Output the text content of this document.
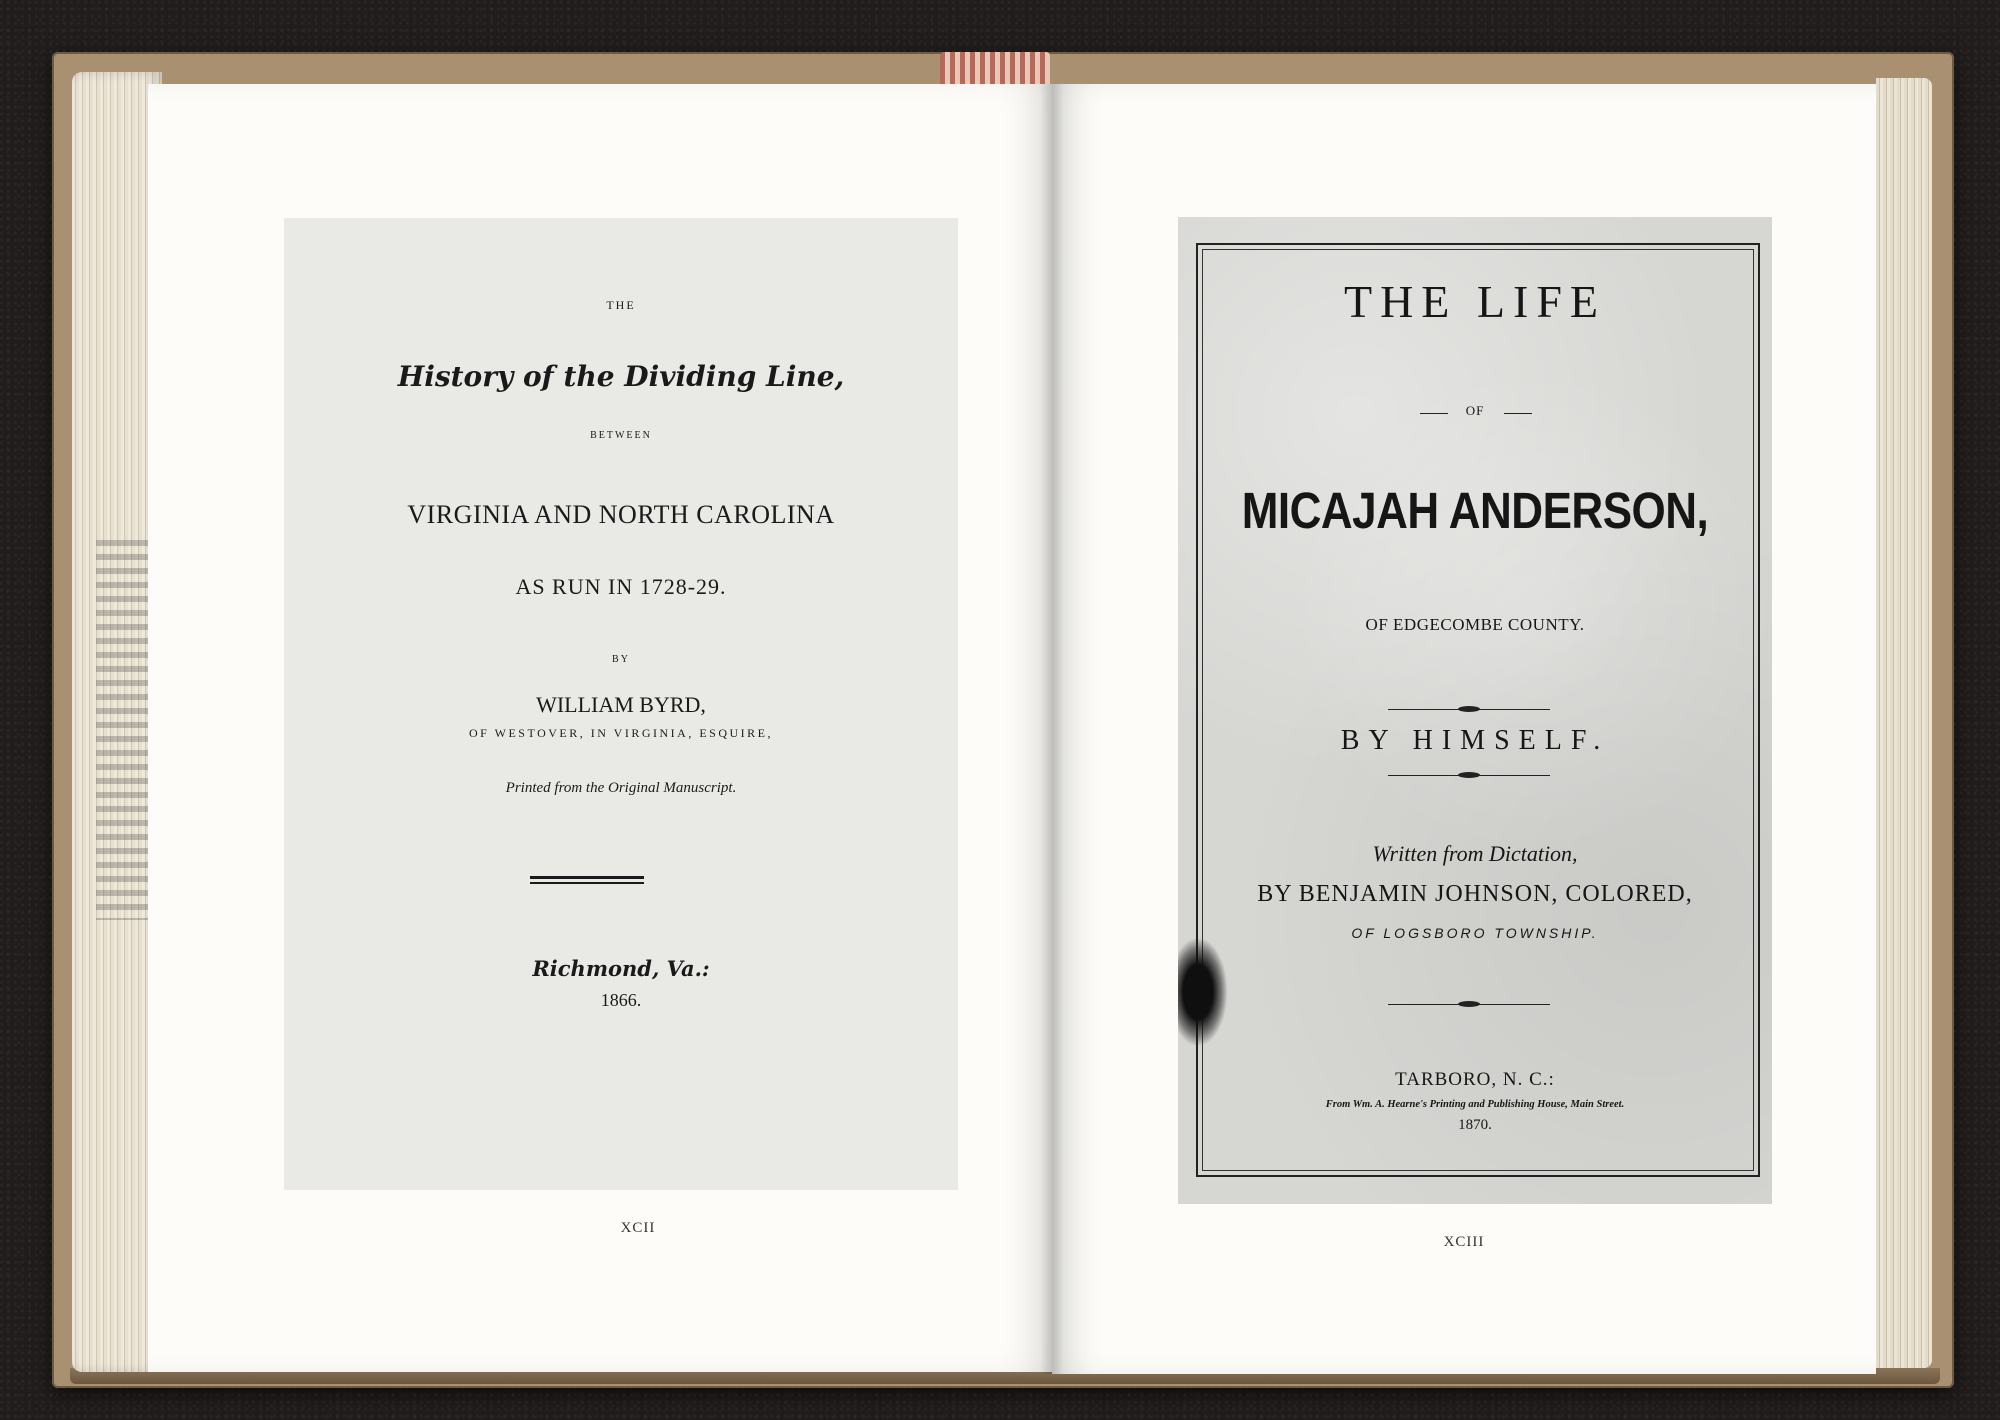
THE
History of the Dividing Line,
BETWEEN
VIRGINIA AND NORTH CAROLINA
AS RUN IN 1728-29.
BY
WILLIAM BYRD,
OF WESTOVER, IN VIRGINIA, ESQUIRE,
Printed from the Original Manuscript.
Richmond, Va.:
1866.
XCII
THE LIFE
OF
MICAJAH ANDERSON,
OF EDGECOMBE COUNTY.
BY HIMSELF.
Written from Dictation,
BY BENJAMIN JOHNSON, COLORED,
OF LOGSBORO TOWNSHIP.
TARBORO, N. C.:
From Wm. A. Hearne's Printing and Publishing House, Main Street.
1870.
XCIII
